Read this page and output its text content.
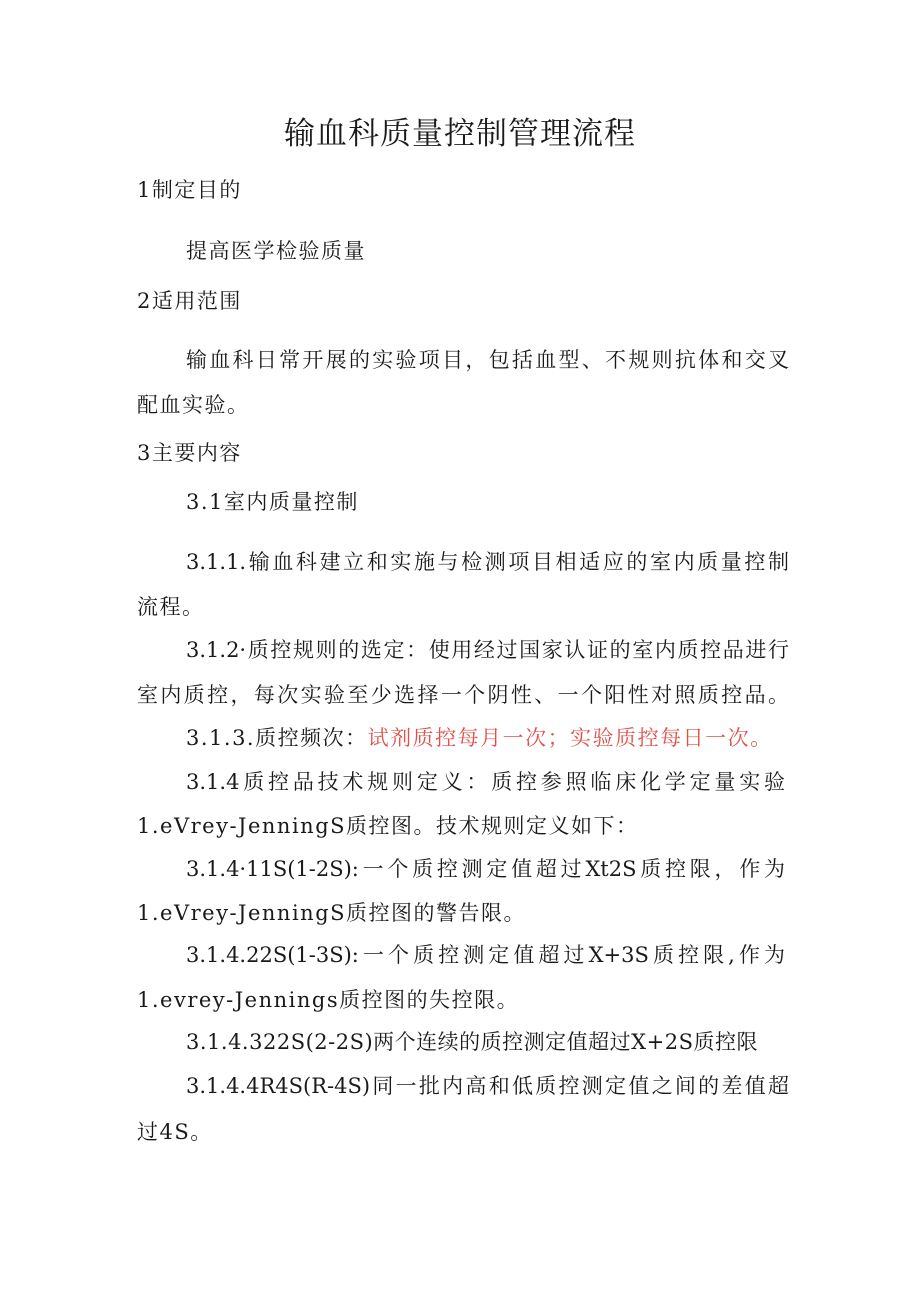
输血科质量控制管理流程
1制定目的
提高医学检验质量
2适用范围
输血科日常开展的实验项目，包括血型、不规则抗体和交叉
配血实验。
3主要内容
3.1室内质量控制
3.1.1.输血科建立和实施与检测项目相适应的室内质量控制
流程。
3.1.2·质控规则的选定：使用经过国家认证的室内质控品进行
室内质控，每次实验至少选择一个阴性、一个阳性对照质控品。
3.1.3.质控频次：试剂质控每月一次；实验质控每日一次。
3.1.4质控品技术规则定义：质控参照临床化学定量实验
1.eVrey-JenningS质控图。技术规则定义如下：
3.1.4·11S(1-2S):一个质控测定值超过Xt2S质控限，作为
1.eVrey-JenningS质控图的警告限。
3.1.4.22S(1-3S):一个质控测定值超过X+3S质控限,作为
1.evrey-Jennings质控图的失控限。
3.1.4.322S(2-2S)两个连续的质控测定值超过X+2S质控限
3.1.4.4R4S(R-4S)同一批内高和低质控测定值之间的差值超
过4S。
